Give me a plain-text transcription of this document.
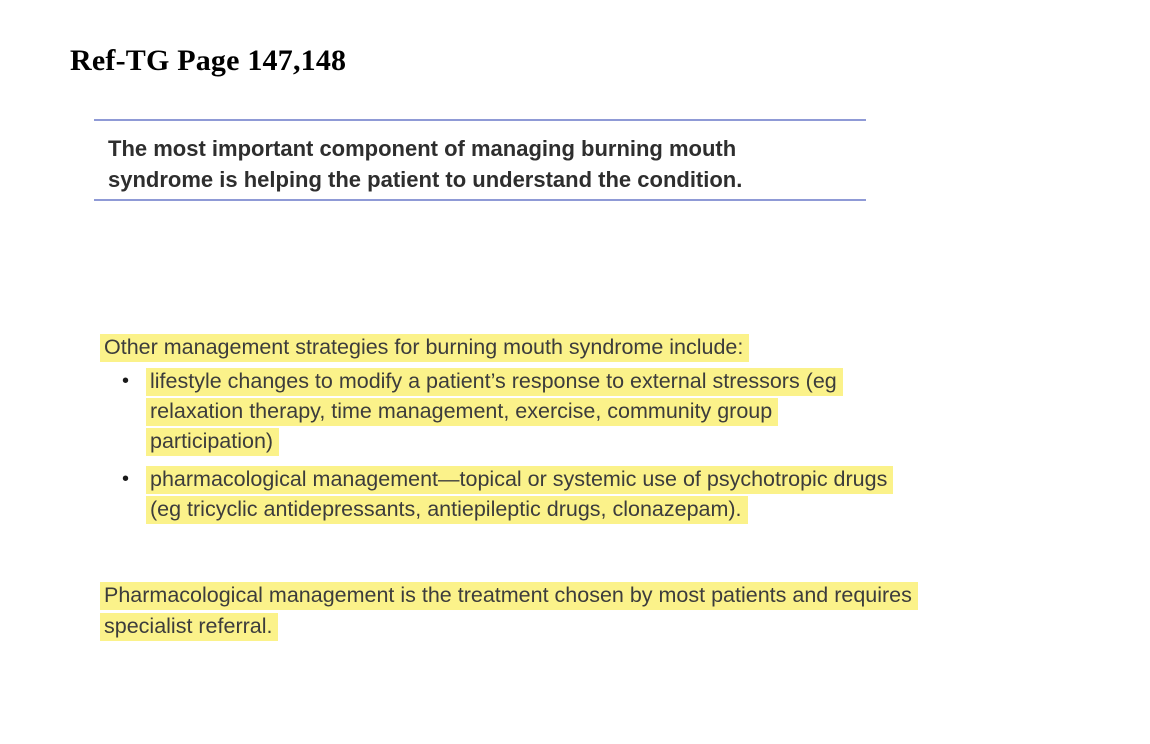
Ref-TG Page 147,148

The most important component of managing burning mouth syndrome is helping the patient to understand the condition.

Other management strategies for burning mouth syndrome include:

• lifestyle changes to modify a patient’s response to external stressors (eg relaxation therapy, time management, exercise, community group participation)
• pharmacological management—topical or systemic use of psychotropic drugs (eg tricyclic antidepressants, antiepileptic drugs, clonazepam).

Pharmacological management is the treatment chosen by most patients and requires specialist referral.
